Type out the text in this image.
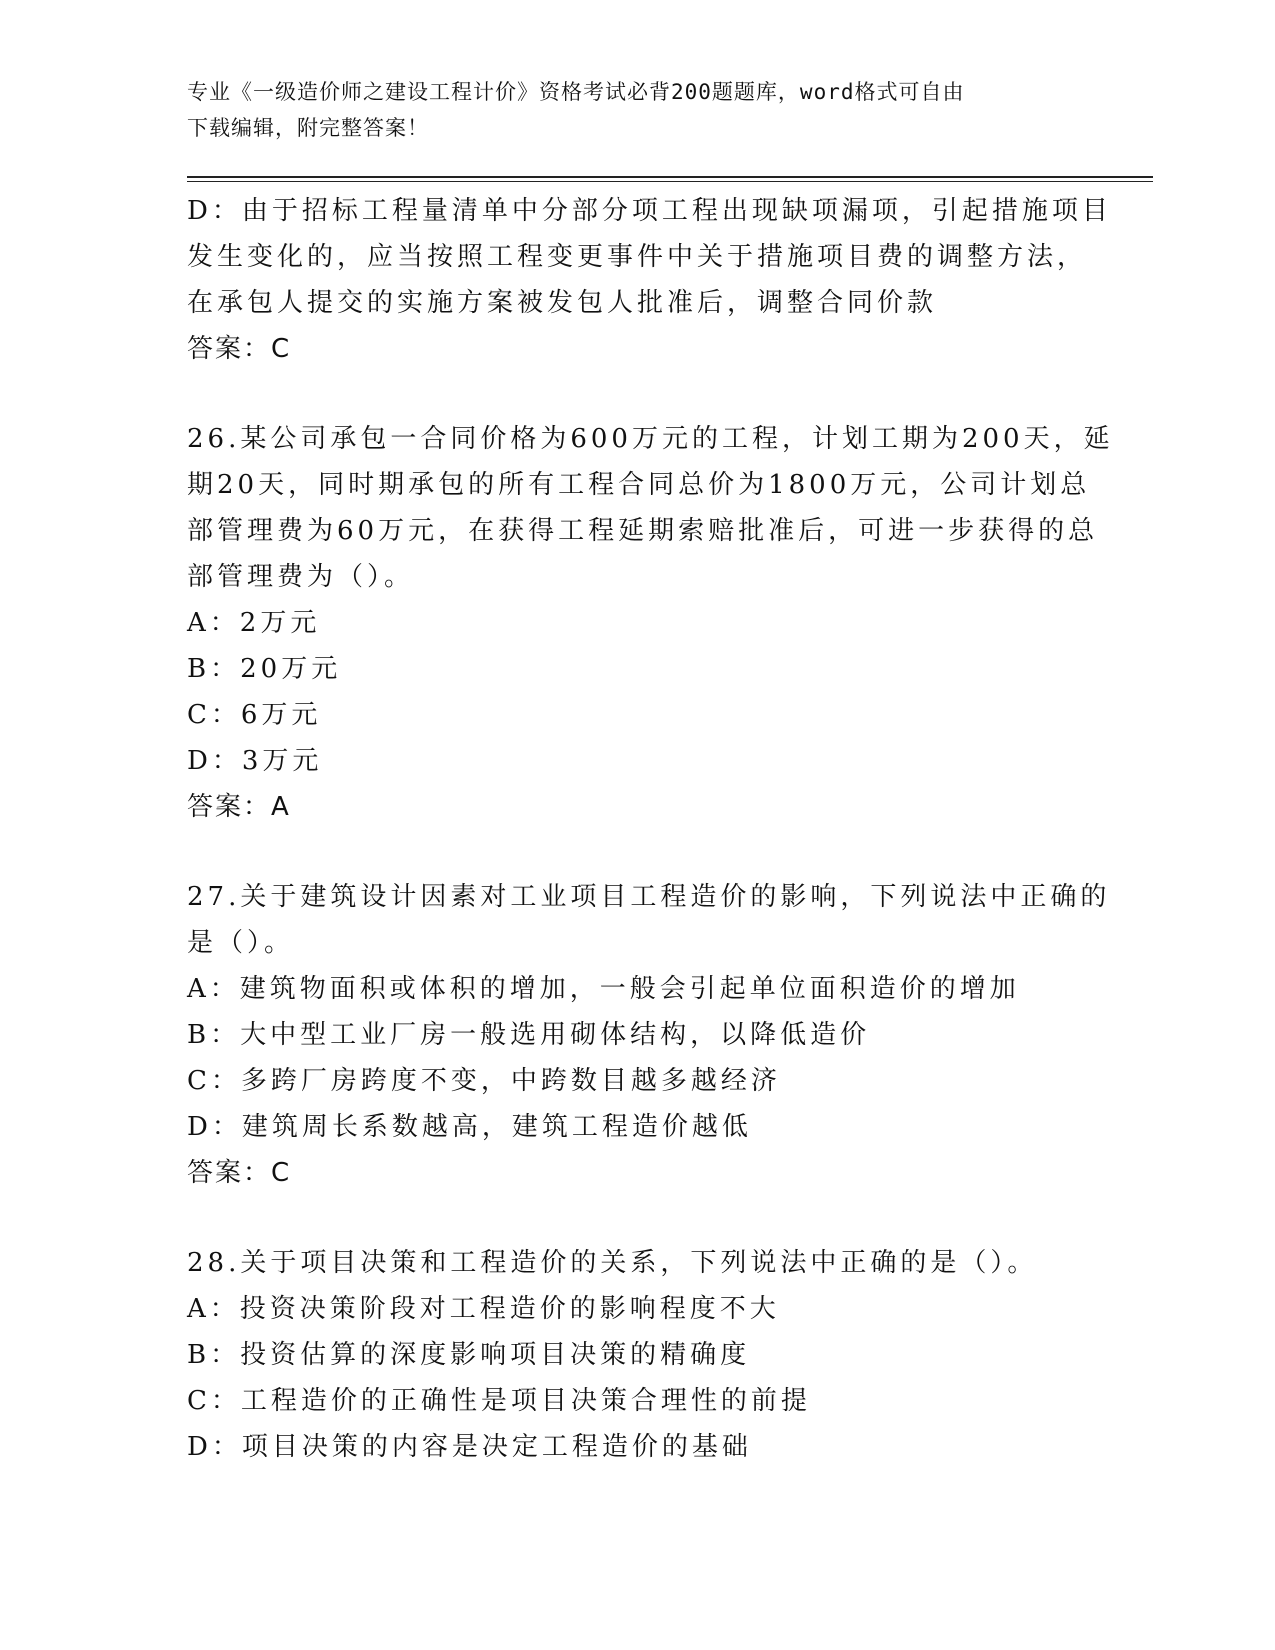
专业《一级造价师之建设工程计价》资格考试必背200题题库，word格式可自由
下载编辑，附完整答案！
D：由于招标工程量清单中分部分项工程出现缺项漏项，引起措施项目
发生变化的，应当按照工程变更事件中关于措施项目费的调整方法，
在承包人提交的实施方案被发包人批准后，调整合同价款
答案：C
26.某公司承包一合同价格为600万元的工程，计划工期为200天，延
期20天，同时期承包的所有工程合同总价为1800万元，公司计划总
部管理费为60万元，在获得工程延期索赔批准后，可进一步获得的总
部管理费为（）。
A：2万元
B：20万元
C：6万元
D：3万元
答案：A
27.关于建筑设计因素对工业项目工程造价的影响，下列说法中正确的
是（）。
A：建筑物面积或体积的增加，一般会引起单位面积造价的增加
B：大中型工业厂房一般选用砌体结构，以降低造价
C：多跨厂房跨度不变，中跨数目越多越经济
D：建筑周长系数越高，建筑工程造价越低
答案：C
28.关于项目决策和工程造价的关系，下列说法中正确的是（）。
A：投资决策阶段对工程造价的影响程度不大
B：投资估算的深度影响项目决策的精确度
C：工程造价的正确性是项目决策合理性的前提
D：项目决策的内容是决定工程造价的基础
